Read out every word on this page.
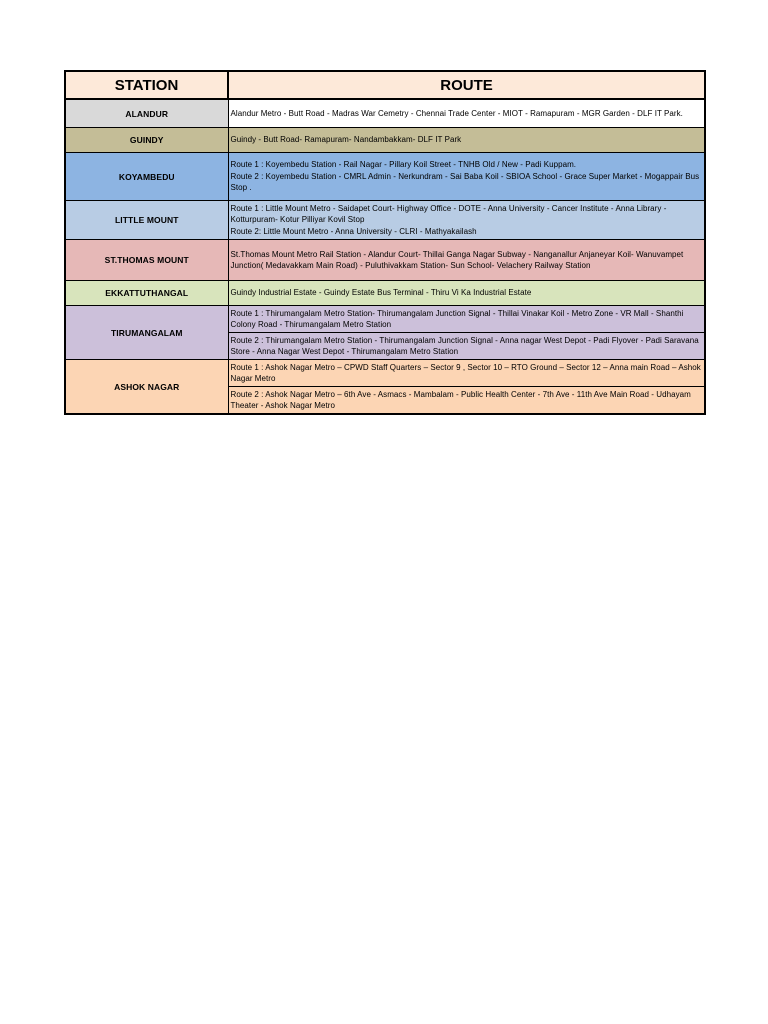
STATION	ROUTE
ALANDUR	Alandur Metro - Butt Road - Madras War Cemetry - Chennai Trade Center - MIOT - Ramapuram - MGR Garden - DLF IT Park.

GUINDY	Guindy - Butt Road- Ramapuram- Nandambakkam- DLF IT Park

KOYAMBEDU	Route 1 : Koyembedu Station - Rail Nagar - Pillary Koil Street - TNHB Old / New - Padi Kuppam.
Route 2 : Koyembedu Station - CMRL Admin - Nerkundram - Sai Baba Koil - SBIOA School - Grace Super Market - Mogappair Bus Stop .

LITTLE MOUNT	Route 1 : Little Mount Metro - Saidapet Court- Highway Office - DOTE - Anna University - Cancer Institute - Anna Library - Kotturpuram- Kotur Pilliyar Kovil Stop
Route 2: Little Mount Metro - Anna University - CLRI - Mathyakailash

ST.THOMAS MOUNT	St.Thomas Mount Metro Rail Station - Alandur Court- Thillai Ganga Nagar Subway - Nanganallur Anjaneyar Koil- Wanuvampet Junction( Medavakkam Main Road) - Puluthivakkam Station- Sun School- Velachery Railway Station

EKKATTUTHANGAL	Guindy Industrial Estate - Guindy Estate Bus Terminal - Thiru Vi Ka Industrial Estate

TIRUMANGALAM	Route 1 : Thirumangalam Metro Station- Thirumangalam Junction Signal - Thillai Vinakar Koil - Metro Zone - VR Mall - Shanthi Colony Road - Thirumangalam Metro Station

	Route 2 : Thirumangalam Metro Station - Thirumangalam Junction Signal - Anna nagar West Depot - Padi Flyover - Padi Saravana Store - Anna Nagar West Depot - Thirumangalam Metro Station

ASHOK NAGAR	Route 1 : Ashok Nagar Metro – CPWD Staff Quarters – Sector 9 , Sector 10 – RTO Ground – Sector 12 – Anna main Road – Ashok Nagar Metro

	Route 2 : Ashok Nagar Metro – 6th Ave - Asmacs - Mambalam - Public Health Center - 7th Ave - 11th Ave Main Road - Udhayam Theater - Ashok Nagar Metro
